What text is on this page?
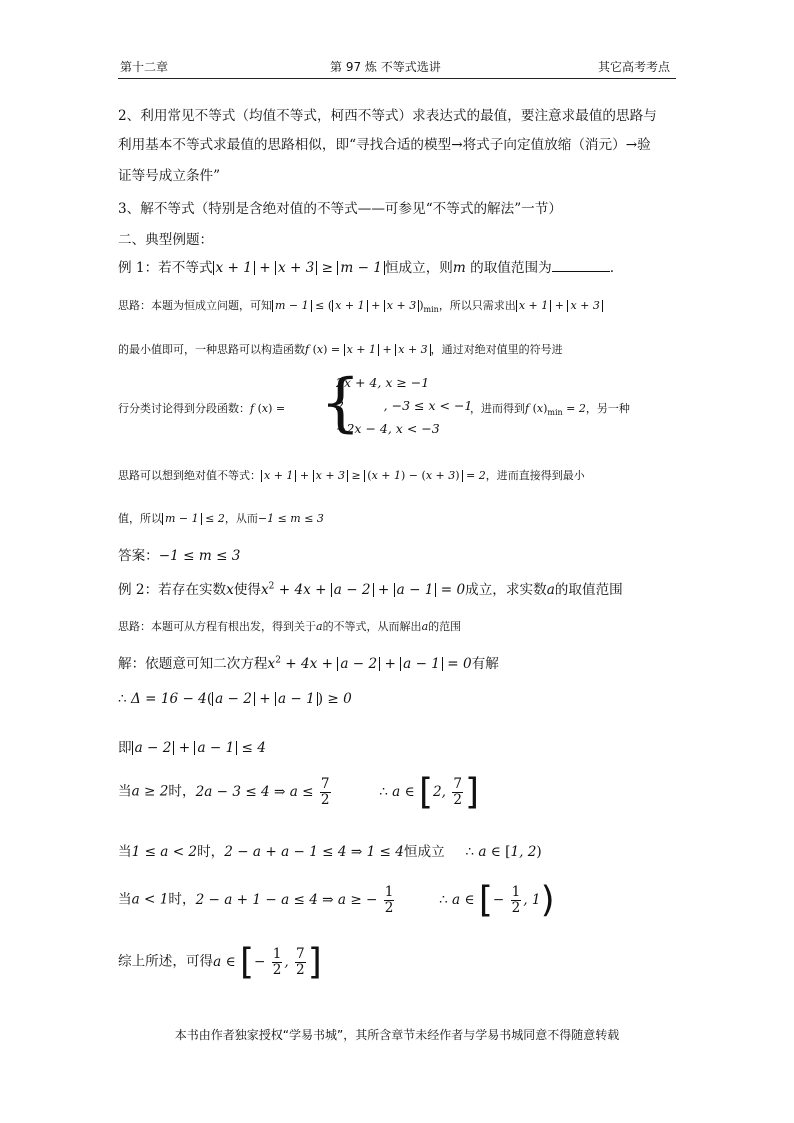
第十二章	第 97 炼 不等式选讲	其它高考考点
2、利用常见不等式（均值不等式，柯西不等式）求表达式的最值，要注意求最值的思路与
利用基本不等式求最值的思路相似，即“寻找合适的模型→将式子向定值放缩（消元）→验
证等号成立条件”
3、解不等式（特别是含绝对值的不等式——可参见“不等式的解法”一节）
二、典型例题：
例 1：若不等式 x + 1 + x + 3 ≥ m − 1 恒成立，则m 的取值范围为	.
思路：本题为恒成立问题，可知 m − 1 ≤ ( x + 1 + x + 3 )$_{min}$，所以只需求出 x + 1 + x + 3
的最小值即可，一种思路可以构造函数f (x) = x + 1 + x + 3 ，通过对绝对值里的符号进
行分类讨论得到分段函数：f (x) = {
2x + 4, x ≥ −1
2          , −3 ≤ x < −1
−2x − 4, x < −3
，进而得到f $(x)_{min} = 2$，另一种
思路可以想到绝对值不等式： x + 1 + x + 3 ≥ (x + 1) − (x + 3) = 2，进而直接得到最小
值，所以 m − 1 ≤ 2，从而−1 ≤ m ≤ 3
答案：−1 ≤ m ≤ 3
例 2：若存在实数x使得$x^2 + 4x + a - 2 + a - 1 = 0$成立，求实数a的取值范围
思路：本题可从方程有根出发，得到关于a的不等式，从而解出a的范围
解：依题意可知二次方程$x^2 + 4x + a - 2 + a - 1 = 0$有解
∴ Δ = 16 − 4( a − 2 + a − 1 ) ≥ 0
即 a − 2 + a − 1 ≤ 4
当a ≥ 2时，2a − 3 ≤ 4 ⇒ $a \le \frac{7}{2}$	∴ a ∈ [2, $\frac{7}{2}$ ]
当1 ≤ a < 2时，2 − a + a − 1 ≤ 4 ⇒ 1 ≤ 4恒成立 ∴ a ∈ [1, 2)
当a < 1时，2 − a + 1 − a ≤ 4 ⇒ a ≥ − $\frac{1}{2}$	∴ a ∈ [− $\frac{1}{2}$ , 1)
综上所述，可得a ∈ [− $\frac{1}{2}$ , $\frac{7}{2}$ ]
本书由作者独家授权“学易书城”，其所含章节未经作者与学易书城同意不得随意转载
